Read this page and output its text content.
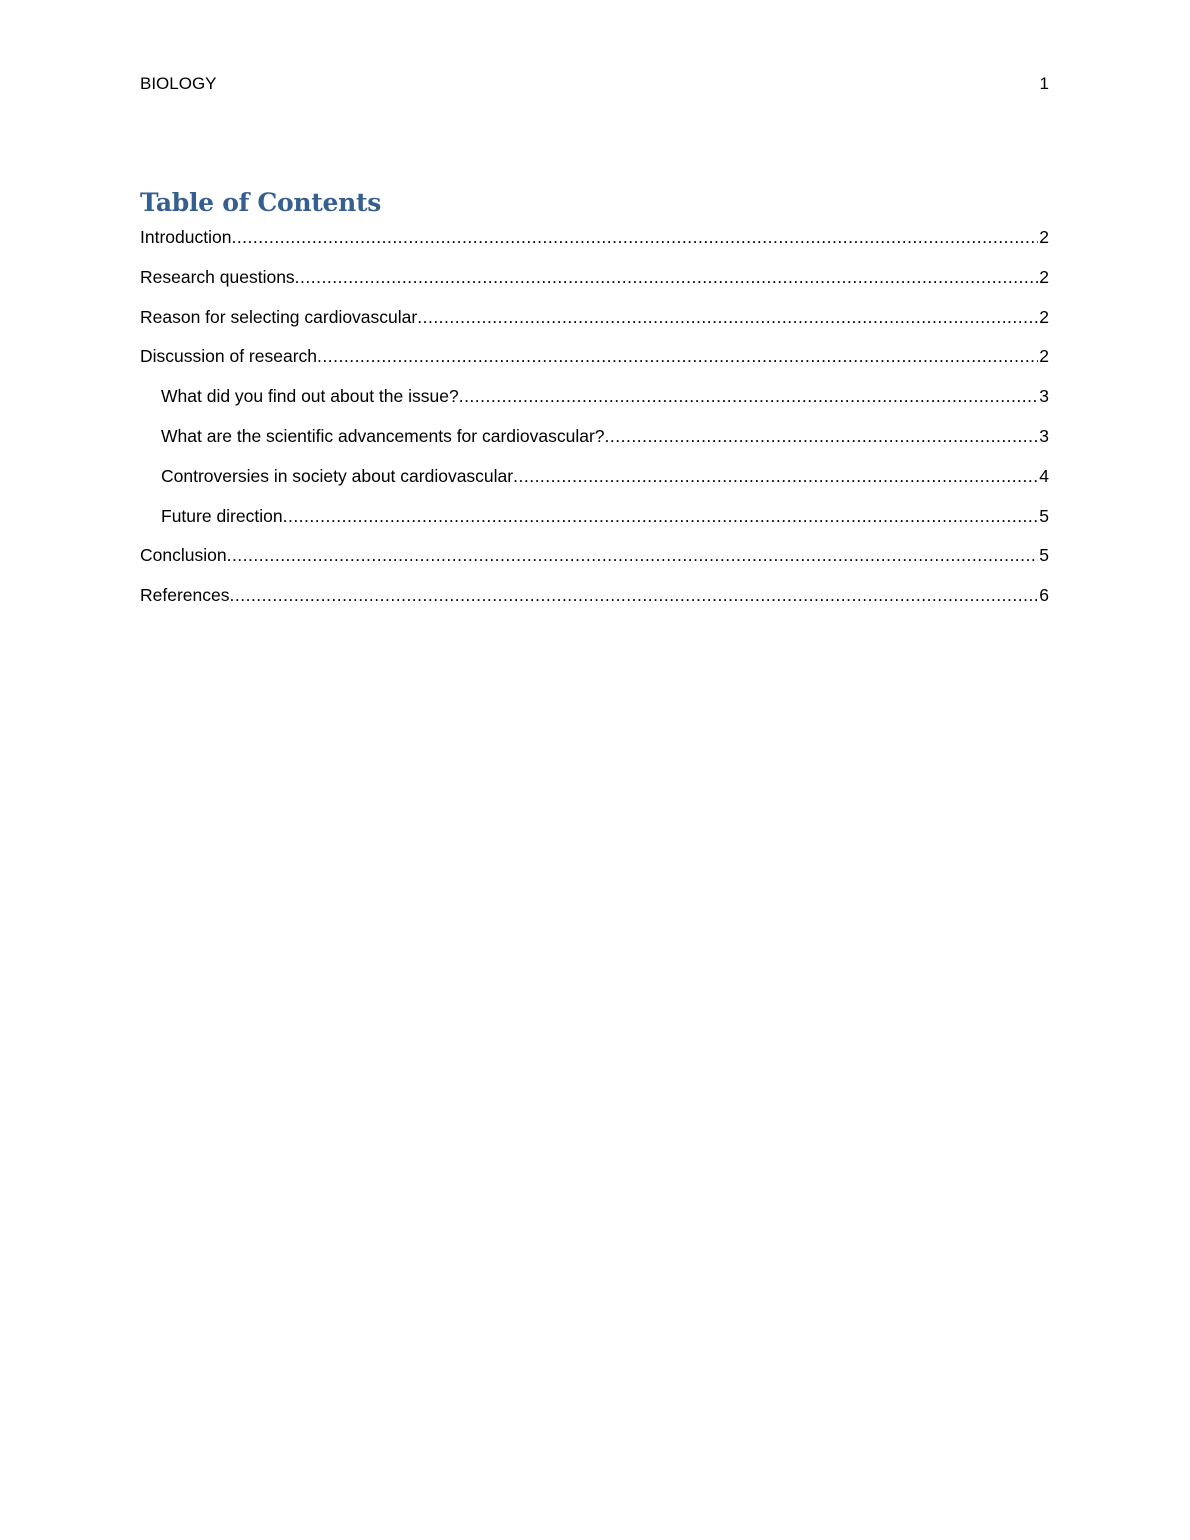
BIOLOGY	1
Table of Contents
Introduction .....	2
Research questions .....	2
Reason for selecting cardiovascular .....	2
Discussion of research .....	2
What did you find out about the issue? .....	3
What are the scientific advancements for cardiovascular? .....	3
Controversies in society about cardiovascular .....	4
Future direction .....	5
Conclusion .....	5
References .....	6
